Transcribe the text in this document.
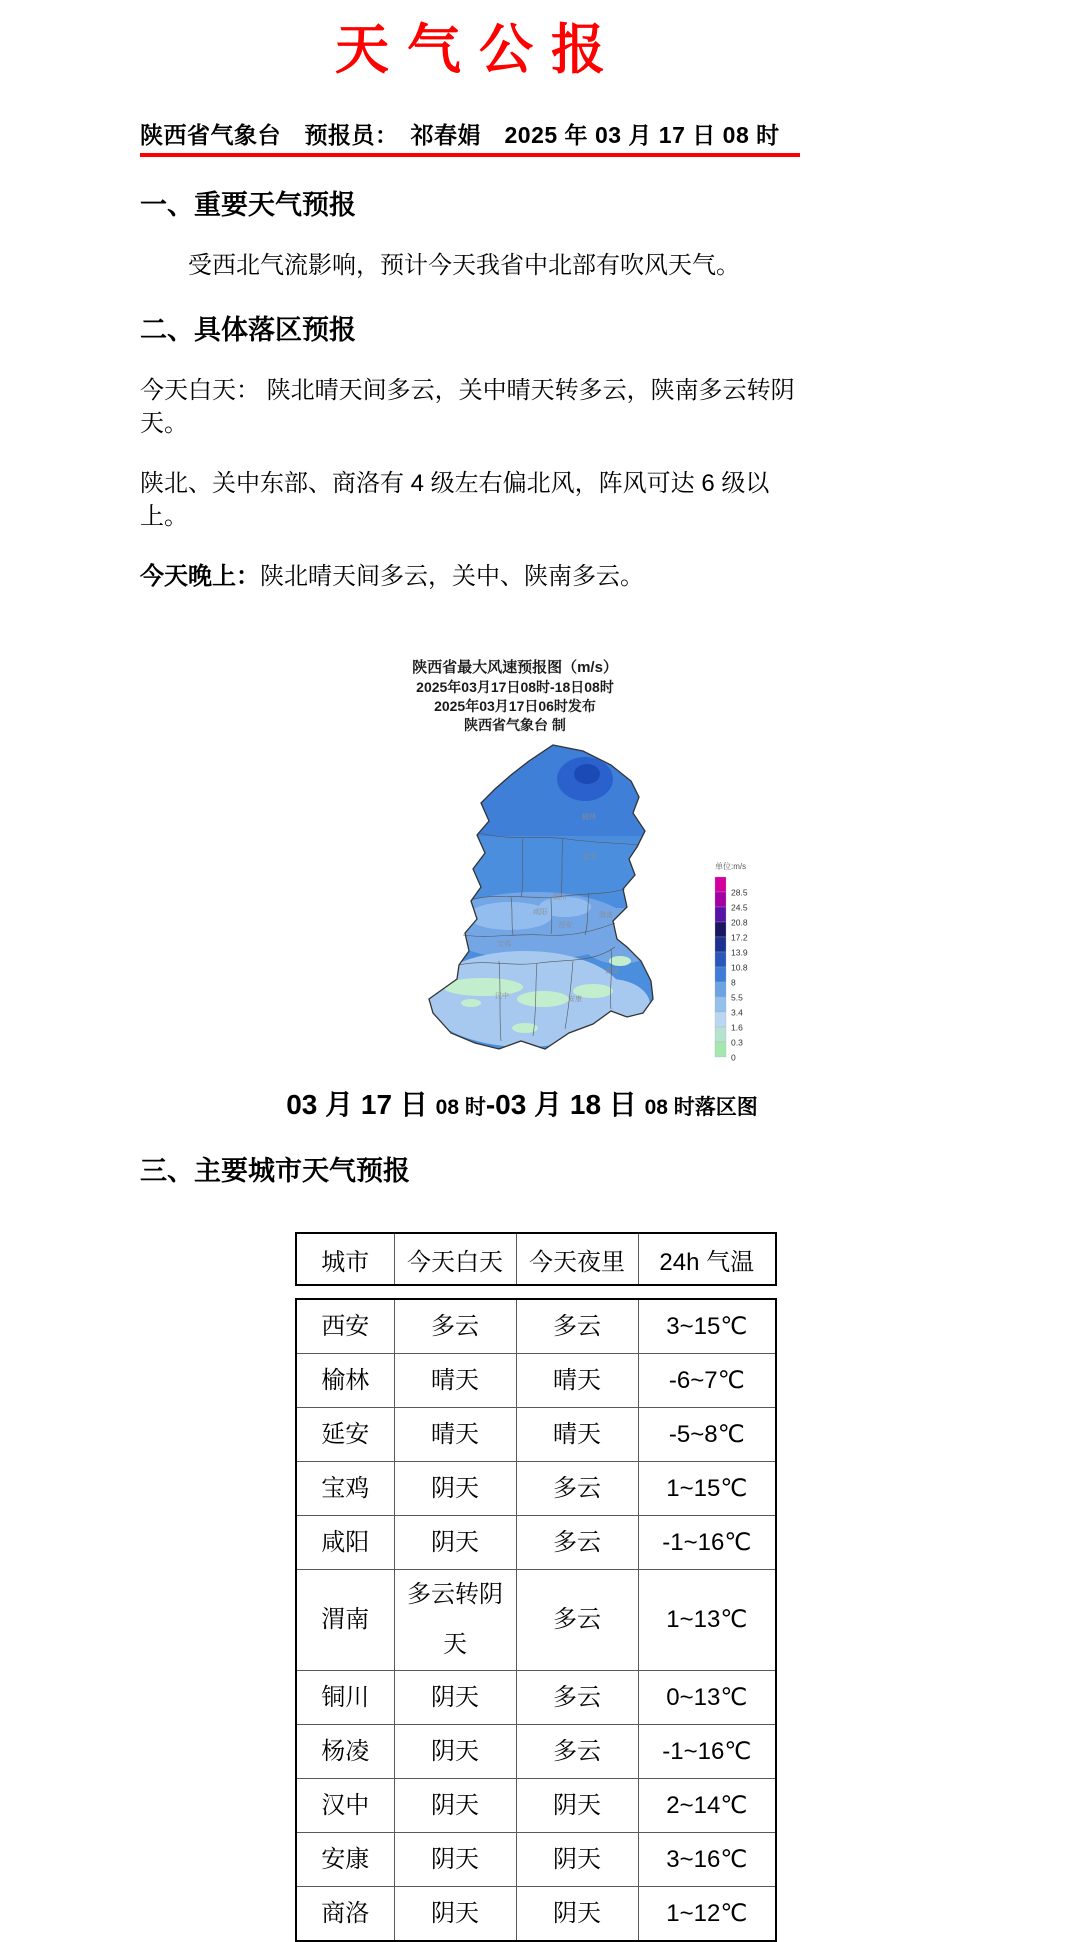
天气公报
陕西省气象台　预报员：　祁春娟　2025 年 03 月 17 日 08 时
一、重要天气预报

受西北气流影响，预计今天我省中北部有吹风天气。

二、具体落区预报

今天白天： 陕北晴天间多云，关中晴天转多云，陕南多云转阴天。

陕北、关中东部、商洛有 4 级左右偏北风，阵风可达 6 级以上。

今天晚上：陕北晴天间多云，关中、陕南多云。

陕西省最大风速预报图（m/s）
2025年03月17日08时-18日08时
2025年03月17日06时发布
陕西省气象台 制
榆林
延安
铜川
渭南
咸阳
西安
宝鸡
商洛
汉中	安康
单位:m/s
28.5
24.5
20.8
17.2
13.9
10.8
8
5.5
3.4
1.6
0.3
0
03 月 17 日 08 时-03 月 18 日 08 时落区图
三、主要城市天气预报
城市	今天白天	今天夜里	24h 气温
西安	多云	多云	3~15℃
榆林	晴天	晴天	-6~7℃
延安	晴天	晴天	-5~8℃
宝鸡	阴天	多云	1~15℃
咸阳	阴天	多云	-1~16℃
渭南	多云转阴天	多云	1~13℃
铜川	阴天	多云	0~13℃
杨凌	阴天	多云	-1~16℃
汉中	阴天	阴天	2~14℃
安康	阴天	阴天	3~16℃
商洛	阴天	阴天	1~12℃
